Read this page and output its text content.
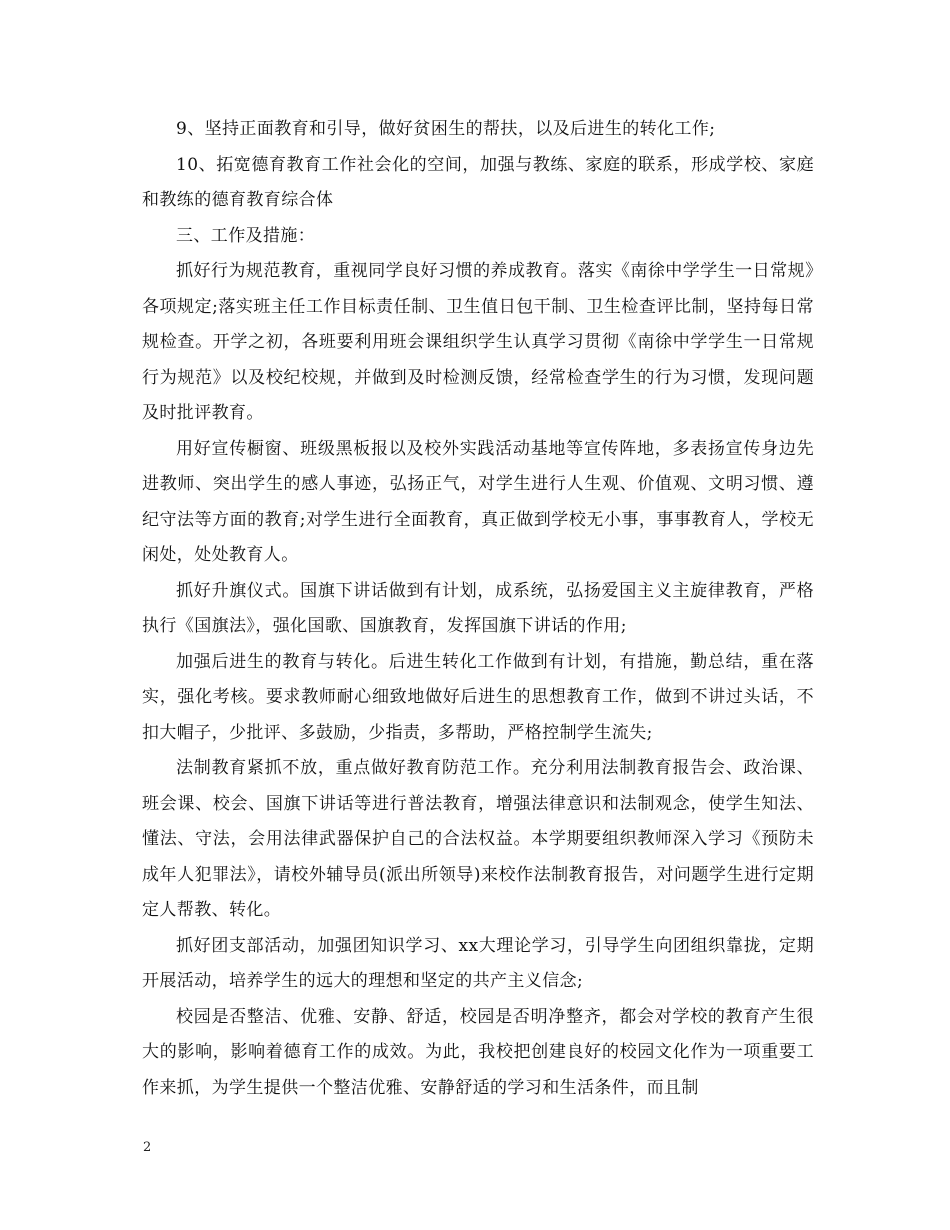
9、坚持正面教育和引导，做好贫困生的帮扶，以及后进生的转化工作;

10、拓宽德育教育工作社会化的空间，加强与教练、家庭的联系，形成学校、家庭和教练的德育教育综合体

三、工作及措施：

抓好行为规范教育，重视同学良好习惯的养成教育。落实《南徐中学学生一日常规》各项规定;落实班主任工作目标责任制、卫生值日包干制、卫生检查评比制，坚持每日常规检查。开学之初，各班要利用班会课组织学生认真学习贯彻《南徐中学学生一日常规行为规范》以及校纪校规，并做到及时检测反馈，经常检查学生的行为习惯，发现问题及时批评教育。

用好宣传橱窗、班级黑板报以及校外实践活动基地等宣传阵地，多表扬宣传身边先进教师、突出学生的感人事迹，弘扬正气，对学生进行人生观、价值观、文明习惯、遵纪守法等方面的教育;对学生进行全面教育，真正做到学校无小事，事事教育人，学校无闲处，处处教育人。

抓好升旗仪式。国旗下讲话做到有计划，成系统，弘扬爱国主义主旋律教育，严格执行《国旗法》，强化国歌、国旗教育，发挥国旗下讲话的作用;

加强后进生的教育与转化。后进生转化工作做到有计划，有措施，勤总结，重在落实，强化考核。要求教师耐心细致地做好后进生的思想教育工作，做到不讲过头话，不扣大帽子，少批评、多鼓励，少指责，多帮助，严格控制学生流失;

法制教育紧抓不放，重点做好教育防范工作。充分利用法制教育报告会、政治课、班会课、校会、国旗下讲话等进行普法教育，增强法律意识和法制观念，使学生知法、懂法、守法，会用法律武器保护自己的合法权益。本学期要组织教师深入学习《预防未成年人犯罪法》，请校外辅导员(派出所领导)来校作法制教育报告，对问题学生进行定期定人帮教、转化。

抓好团支部活动，加强团知识学习、xx大理论学习，引导学生向团组织靠拢，定期开展活动，培养学生的远大的理想和坚定的共产主义信念;

校园是否整洁、优雅、安静、舒适，校园是否明净整齐，都会对学校的教育产生很大的影响，影响着德育工作的成效。为此，我校把创建良好的校园文化作为一项重要工作来抓，为学生提供一个整洁优雅、安静舒适的学习和生活条件，而且制

2
